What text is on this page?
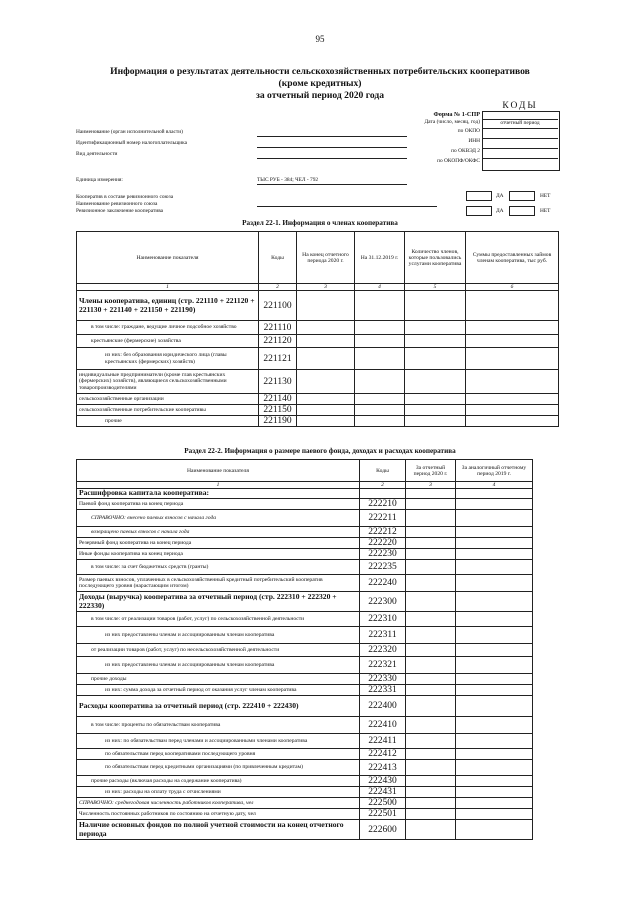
95
Информация о результатах деятельности сельскохозяйственных потребительских кооперативов
(кроме кредитных)
за отчетный период 2020 года
КОДЫ
Форма № 1-СПР
отчетный период
Дата (число, месяц, год)
по ОКПО
ИНН
по ОКВЭД 2
по ОКОПФ/ОКФС
Наименование (орган исполнительной власти)
Идентификационный номер налогоплательщика
Вид деятельности
Единица измерения:	ТЫС РУБ - 384; ЧЕЛ - 792
Кооператив в составе ревизионного союза
Наименование ревизионного союза
Ревизионное заключение кооператива
ДА	НЕТ
ДА	НЕТ
Раздел 22-1. Информация о членах кооператива
Наименование показателя	Коды	На конец отчетного периода 2020 г.	На 31.12.2019 г.	Количество членов, которые пользовались услугами кооператива	Суммы предоставленных займов членам кооператива, тыс руб.
1	2	3	4	5	6
Члены кооператива, единиц (стр. 221110 + 221120 + 221130 + 221140 + 221150 + 221190)	221100				
в том числе: граждане, ведущие личное подсобное хозяйство	221110				
крестьянские (фермерские) хозяйства	221120				
из них: без образования юридического лица (главы крестьянских (фермерских) хозяйств)	221121				
индивидуальные предприниматели (кроме глав крестьянских (фермерских) хозяйств), являющиеся сельскохозяйственными товаропроизводителями	221130				
сельскохозяйственные организации	221140				
сельскохозяйственные потребительские кооперативы	221150				
прочие	221190				
Раздел 22-2. Информация о размере паевого фонда, доходах и расходах кооператива
Наименование показателя	Коды	За отчетный период 2020 г.	За аналогичный отчетному период 2019 г.
1	2	3	4
Расшифровка капитала кооператива:			
Паевой фонд кооператива на конец периода	222210		
СПРАВОЧНО: внесено паевых взносов с начала года	222211		
возвращено паевых взносов с начала года	222212		
Резервный фонд кооператива на конец периода	222220		
Иные фонды кооператива на конец периода	222230		
в том числе: за счет бюджетных средств (гранты)	222235		
Размер паевых взносов, уплаченных в сельскохозяйственный кредитный потребительский кооператив последующего уровня (нарастающим итогом)	222240		
Доходы (выручка) кооператива за отчетный период (стр. 222310 + 222320 + 222330)	222300		
в том числе: от реализации товаров (работ, услуг) по сельскохозяйственной деятельности	222310		
из них предоставлены членам и ассоциированным членам кооператива	222311		
от реализации товаров (работ, услуг) по несельскохозяйственной деятельности	222320		
из них предоставлены членам и ассоциированным членам кооператива	222321		
прочие доходы	222330		
из них: сумма дохода за отчетный период от оказания услуг членам кооператива	222331		
Расходы кооператива за отчетный период (стр. 222410 + 222430)	222400		
в том числе: проценты по обязательствам кооператива	222410		
из них: по обязательствам перед членами и ассоциированными членами кооператива	222411		
по обязательствам перед кооперативами последующего уровня	222412		
по обязательствам перед кредитными организациями (по привлеченным кредитам)	222413		
прочие расходы (включая расходы на содержание кооператива)	222430		
из них: расходы на оплату труда с отчислениями	222431		
СПРАВОЧНО: среднегодовая численность работников кооператива, чел	222500		
Численность постоянных работников по состоянию на отчетную дату, чел	222501		
Наличие основных фондов по полной учетной стоимости на конец отчетного периода	222600		
